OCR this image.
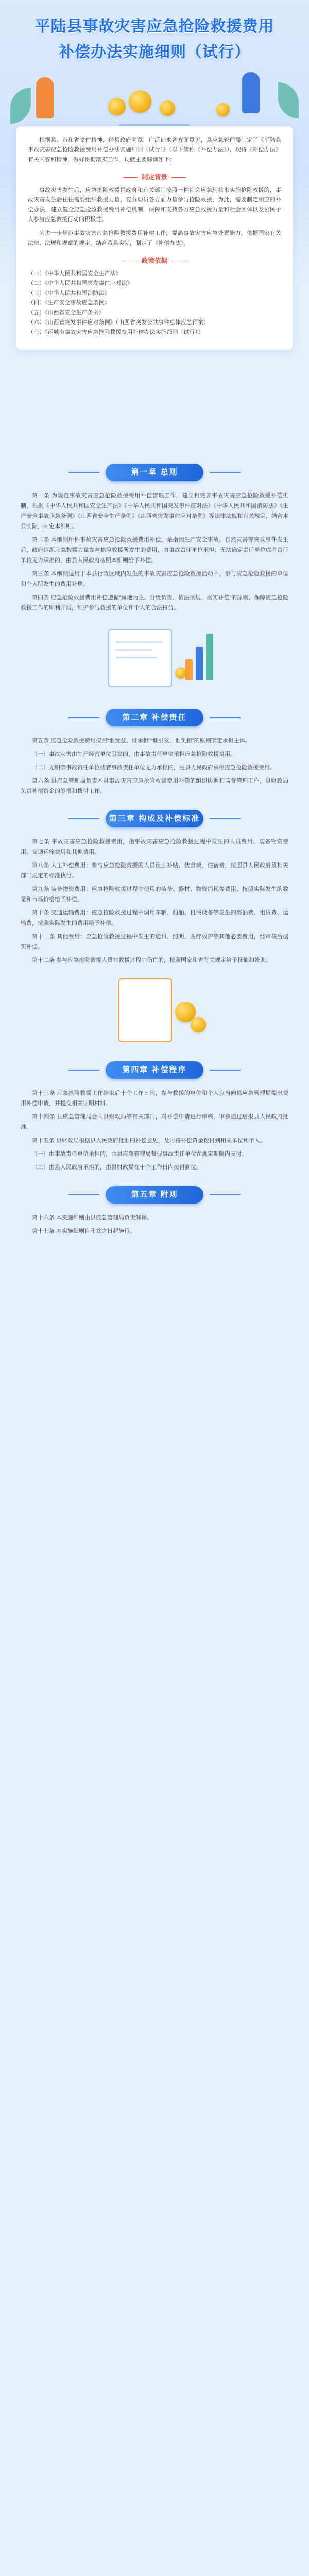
平陆县事故灾害应急抢险救援费用
补偿办法实施细则（试行）

根据县、市和省文件精神，经县政府同意，广泛征求各方面意见，县应急管理局制定了《平陆县事故灾害应急抢险救援费用补偿办法实施细则（试行）》（以下简称《补偿办法》），现将《补偿办法》有关内容和精神，做好贯彻落实工作，现就主要解读如下：

制定背景

事故灾害发生后，应急抢险救援是政府和有关部门按照一种社会应急现状来实施抢险救援的，事故灾害发生后往往需要组织救援力量，充分动员各方面力量参与抢险救援，为此，需要制定相应的补偿办法，建立健全应急抢险救援费用补偿机制，保障和支持各方应急救援力量和社会团体以及公民个人参与应急救援行动的积极性。

为进一步规范事故灾害应急抢险救援费用补偿工作，提高事故灾害应急处置能力，依据国家有关法律、法规和规章的规定，结合我县实际，制定了《补偿办法》。

政策依据
（一）《中华人民共和国安全生产法》
（二）《中华人民共和国突发事件应对法》
（三）《中华人民共和国消防法》
（四）《生产安全事故应急条例》
（五）《山西省安全生产条例》
（六）《山西省突发事件应对条例》（山西省突发公共事件总体应急预案）
（七）《运城市事故灾害应急抢险救援费用补偿办法实施细则（试行）》
第一章 总则

第一条 为规范事故灾害应急抢险救援费用补偿管理工作，建立和完善事故灾害应急抢险救援补偿机制，根据《中华人民共和国安全生产法》《中华人民共和国突发事件应对法》《中华人民共和国消防法》《生产安全事故应急条例》《山西省安全生产条例》《山西省突发事件应对条例》等法律法规和有关规定，结合本县实际，制定本细则。

第二条 本细则所称事故灾害应急抢险救援费用补偿，是指因生产安全事故、自然灾害等突发事件发生后，政府组织应急救援力量参与抢险救援所发生的费用，由事故责任单位承担；无法确定责任单位或者责任单位无力承担的，由县人民政府按照本细则给予补偿。

第三条 本细则适用于本县行政区域内发生的事故灾害应急抢险救援活动中，参与应急抢险救援的单位和个人所发生的费用补偿。

第四条 应急抢险救援费用补偿遵循“属地为主、分级负责、依法依规、据实补偿”的原则，保障应急抢险救援工作的顺利开展，维护参与救援的单位和个人的合法权益。

第二章 补偿责任

第五条 应急抢险救援费用按照“谁受益、谁承担”“谁引发、谁负担”的原则确定承担主体。

（一）事故灾害由生产经营单位引发的，由事故责任单位承担应急抢险救援费用。

（二）无明确事故责任单位或者事故责任单位无力承担的，由县人民政府承担应急抢险救援费用。

第六条 县应急管理局负责本县事故灾害应急抢险救援费用补偿的组织协调和监督管理工作，县财政局负责补偿资金的筹措和拨付工作。

第三章 构成及补偿标准

第七条 事故灾害应急抢险救援费用，指事故灾害应急抢险救援过程中发生的人员费用、装备物资费用、交通运输费用和其他费用。

第八条 人工补偿费用：参与应急抢险救援的人员误工补贴、伙食费、住宿费，按照县人民政府及相关部门规定的标准执行。

第九条 装备物资费用：应急抢险救援过程中使用的装备、器材、物资消耗等费用，按照实际发生的数量和市场价格给予补偿。

第十条 交通运输费用：应急抢险救援过程中调用车辆、船舶、机械设备等发生的燃油费、租赁费、运输费，按照实际发生的费用给予补偿。

第十一条 其他费用：应急抢险救援过程中发生的通讯、照明、医疗救护等其他必要费用，经审核后据实补偿。

第十二条 参与应急抢险救援人员在救援过程中伤亡的，按照国家和省有关规定给予抚恤和补助。

第四章 补偿程序

第十三条 应急抢险救援工作结束后十个工作日内，参与救援的单位和个人应当向县应急管理局提出费用补偿申请，并提交相关证明材料。

第十四条 县应急管理局会同县财政局等有关部门，对补偿申请进行审核，审核通过后报县人民政府批准。

第十五条 县财政局根据县人民政府批准的补偿意见，及时将补偿资金拨付到相关单位和个人。

（一）由事故责任单位承担的，由县应急管理局督促事故责任单位在规定期限内支付。

（二）由县人民政府承担的，由县财政局在十个工作日内拨付到位。

第五章 附则

第十六条 本实施细则由县应急管理局负责解释。

第十七条 本实施细则自印发之日起施行。
